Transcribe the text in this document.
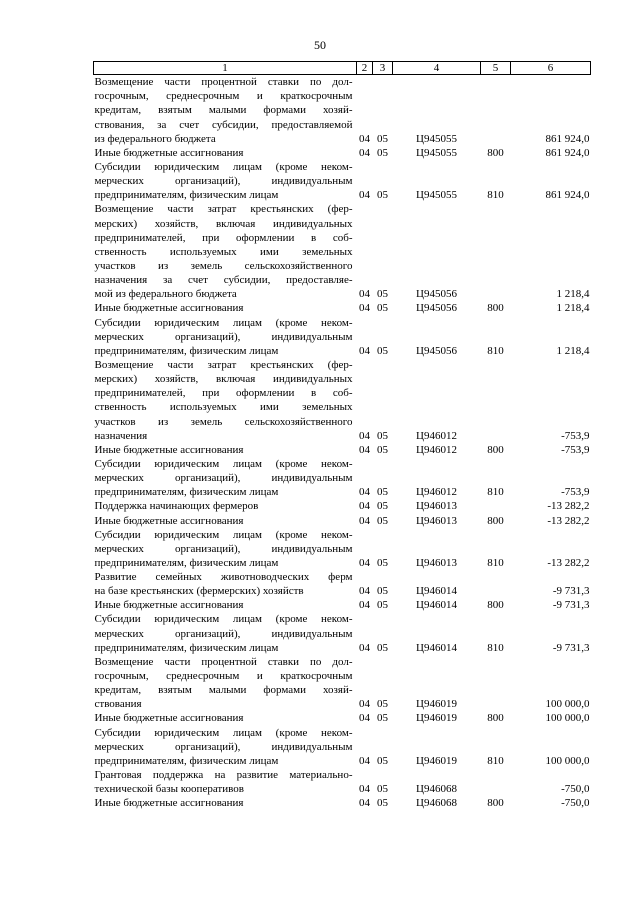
50
1	2	3	4	5	6
Возмещение части процентной ставки по дол-					
госрочным, среднесрочным и краткосрочным					
кредитам, взятым малыми формами хозяй-					
ствования, за счет субсидии, предоставляемой					
из федерального бюджета	04	05	Ц945055		861 924,0
Иные бюджетные ассигнования	04	05	Ц945055	800	861 924,0
Субсидии юридическим лицам (кроме неком-					
мерческих организаций), индивидуальным					
предпринимателям, физическим лицам	04	05	Ц945055	810	861 924,0
Возмещение части затрат крестьянских (фер-					
мерских) хозяйств, включая индивидуальных					
предпринимателей, при оформлении в соб-					
ственность используемых ими земельных					
участков из земель сельскохозяйственного					
назначения за счет субсидии, предоставляе-					
мой из федерального бюджета	04	05	Ц945056		1 218,4
Иные бюджетные ассигнования	04	05	Ц945056	800	1 218,4
Субсидии юридическим лицам (кроме неком-					
мерческих организаций), индивидуальным					
предпринимателям, физическим лицам	04	05	Ц945056	810	1 218,4
Возмещение части затрат крестьянских (фер-					
мерских) хозяйств, включая индивидуальных					
предпринимателей, при оформлении в соб-					
ственность используемых ими земельных					
участков из земель сельскохозяйственного					
назначения	04	05	Ц946012		-753,9
Иные бюджетные ассигнования	04	05	Ц946012	800	-753,9
Субсидии юридическим лицам (кроме неком-					
мерческих организаций), индивидуальным					
предпринимателям, физическим лицам	04	05	Ц946012	810	-753,9
Поддержка начинающих фермеров	04	05	Ц946013		-13 282,2
Иные бюджетные ассигнования	04	05	Ц946013	800	-13 282,2
Субсидии юридическим лицам (кроме неком-					
мерческих организаций), индивидуальным					
предпринимателям, физическим лицам	04	05	Ц946013	810	-13 282,2
Развитие семейных животноводческих ферм					
на базе крестьянских (фермерских) хозяйств	04	05	Ц946014		-9 731,3
Иные бюджетные ассигнования	04	05	Ц946014	800	-9 731,3
Субсидии юридическим лицам (кроме неком-					
мерческих организаций), индивидуальным					
предпринимателям, физическим лицам	04	05	Ц946014	810	-9 731,3
Возмещение части процентной ставки по дол-					
госрочным, среднесрочным и краткосрочным					
кредитам, взятым малыми формами хозяй-					
ствования	04	05	Ц946019		100 000,0
Иные бюджетные ассигнования	04	05	Ц946019	800	100 000,0
Субсидии юридическим лицам (кроме неком-					
мерческих организаций), индивидуальным					
предпринимателям, физическим лицам	04	05	Ц946019	810	100 000,0
Грантовая поддержка на развитие материально-					
технической базы кооперативов	04	05	Ц946068		-750,0
Иные бюджетные ассигнования	04	05	Ц946068	800	-750,0
